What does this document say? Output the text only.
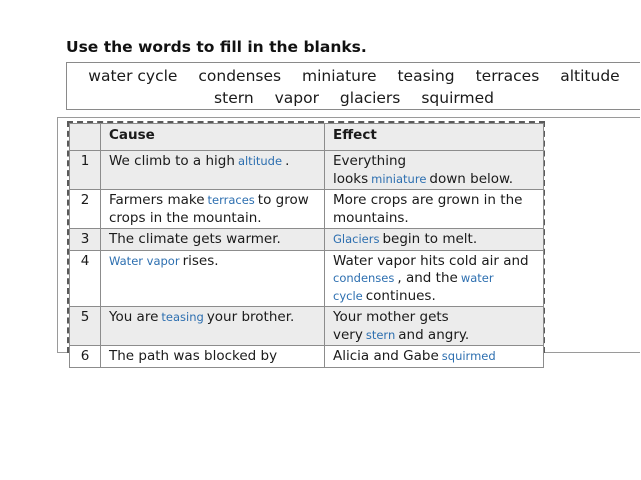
Use the words to fill in the blanks.
water cycle condenses miniature teasing terraces altitude
stern vapor glaciers squirmed
	Cause	Effect
1	We climb to a high altitude .	Everything looks miniature down below.
2	Farmers make terraces to grow crops in the mountain.	More crops are grown in the mountains.
3	The climate gets warmer.	Glaciers begin to melt.
4	Water vapor rises.	Water vapor hits cold air and condenses , and the water cycle continues.
5	You are teasing your brother.	Your mother gets very stern and angry.
6	The path was blocked by	Alicia and Gabe squirmed
